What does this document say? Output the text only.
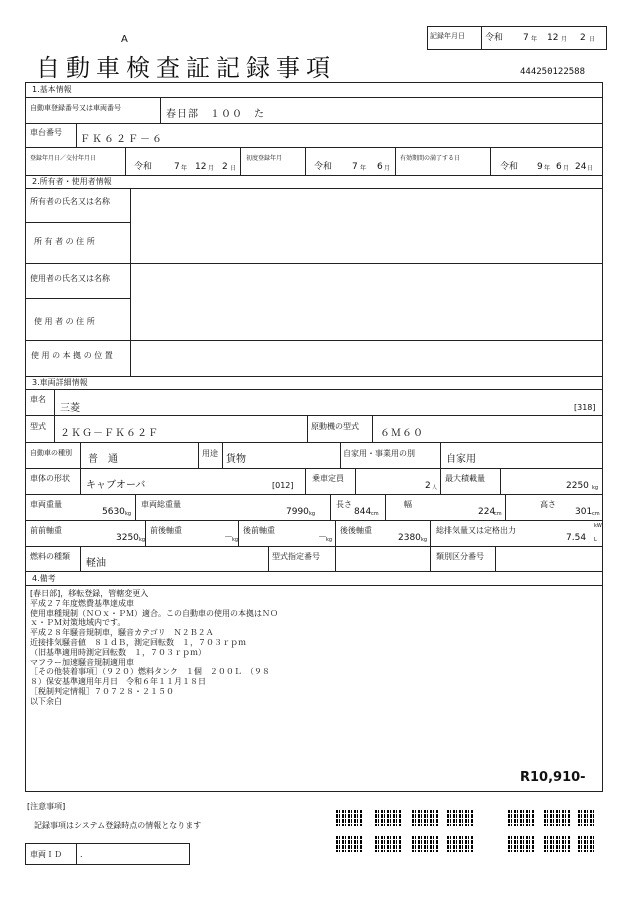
A
自動車検査証記録事項
記録年月日 令和 7 年 12 月 2 日
444250122588
1.基本情報
自動車登録番号又は車両番号
春日部　１００　た
車台番号
ＦＫ６２Ｆ－６
登録年月日／交付年月日
令和 7 年 12 月 2 日
初度登録年月
令和 7 年 6 月
有効期間の満了する日
令和 9 年 6 月 24 日
2.所有者・使用者情報
所有者の氏名又は名称
所 有 者 の 住 所
使用者の氏名又は名称
使 用 者 の 住 所
使 用 の 本 拠 の 位 置
3.車両詳細情報
車名
三菱	[318]
型式
２ＫＧ－ＦＫ６２Ｆ
原動機の型式
６Ｍ６０
自動車の種別
普　通
用途
貨物
自家用・事業用の別
自家用
車体の形状
キャブオーバ	[012]
乗車定員
2 人
最大積載量
2250 kg
車両重量
5630 kg
車両総重量
7990 kg
長さ
844 cm
幅
224
cm
高さ
301 cm
前前軸重
3250 kg
前後軸重
－
kg
後前軸重
－
kg
後後軸重
2380 kg
総排気量又は定格出力	kW
7.54 L
燃料の種類
軽油
型式指定番号	類別区分番号
4.備考
[春日部]，移転登録，管轄変更入
平成２７年度燃費基準達成車
使用車種規制（ＮＯｘ・ＰＭ）適合。この自動車の使用の本拠はＮＯ
ｘ・ＰＭ対策地域内です。
平成２８年騒音規制車，騒音カテゴリ　Ｎ２Ｂ２Ａ
近接排気騒音値　８１ｄＢ，測定回転数　１，７０３ｒｐｍ
（旧基準適用時測定回転数　１，７０３ｒｐｍ）
マフラー加速騒音規制適用車
［その他装着事項］（９２０）燃料タンク　１個　２００Ｌ　（９８
８）保安基準適用年月日　令和６年１１月１８日
［税制判定情報］７０７２８・２１５０
以下余白
R10,910-
[注意事項]
記録事項はシステム登録時点の情報となります
車両ＩＤ .
